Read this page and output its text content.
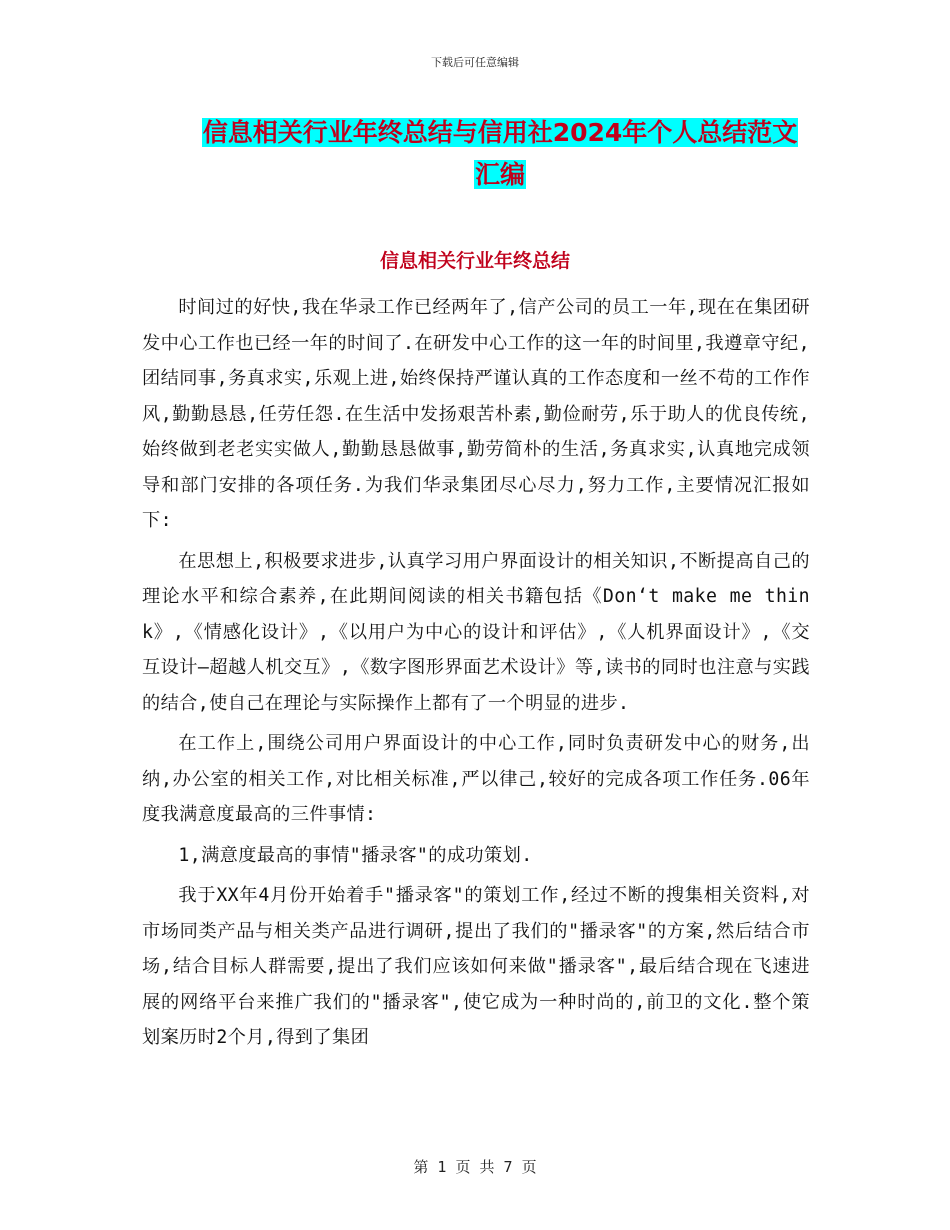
下载后可任意编辑
信息相关行业年终总结与信用社2024年个人总结范文
汇编
信息相关行业年终总结

时间过的好快,我在华录工作已经两年了,信产公司的员工一年,现在在集团研发中心工作也已经一年的时间了.在研发中心工作的这一年的时间里,我遵章守纪,团结同事,务真求实,乐观上进,始终保持严谨认真的工作态度和一丝不苟的工作作风,勤勤恳恳,任劳任怨.在生活中发扬艰苦朴素,勤俭耐劳,乐于助人的优良传统,始终做到老老实实做人,勤勤恳恳做事,勤劳简朴的生活,务真求实,认真地完成领导和部门安排的各项任务.为我们华录集团尽心尽力,努力工作,主要情况汇报如下:

在思想上,积极要求进步,认真学习用户界面设计的相关知识,不断提高自己的理论水平和综合素养,在此期间阅读的相关书籍包括《Don‘t make me think》,《情感化设计》,《以用户为中心的设计和评估》,《人机界面设计》,《交互设计—超越人机交互》,《数字图形界面艺术设计》等,读书的同时也注意与实践的结合,使自己在理论与实际操作上都有了一个明显的进步.

在工作上,围绕公司用户界面设计的中心工作,同时负责研发中心的财务,出纳,办公室的相关工作,对比相关标准,严以律己,较好的完成各项工作任务.06年度我满意度最高的三件事情:

1,满意度最高的事情"播录客"的成功策划.

我于XX年4月份开始着手"播录客"的策划工作,经过不断的搜集相关资料,对市场同类产品与相关类产品进行调研,提出了我们的"播录客"的方案,然后结合市场,结合目标人群需要,提出了我们应该如何来做"播录客",最后结合现在飞速进展的网络平台来推广我们的"播录客",使它成为一种时尚的,前卫的文化.整个策划案历时2个月,得到了集团

第 1 页 共 7 页
